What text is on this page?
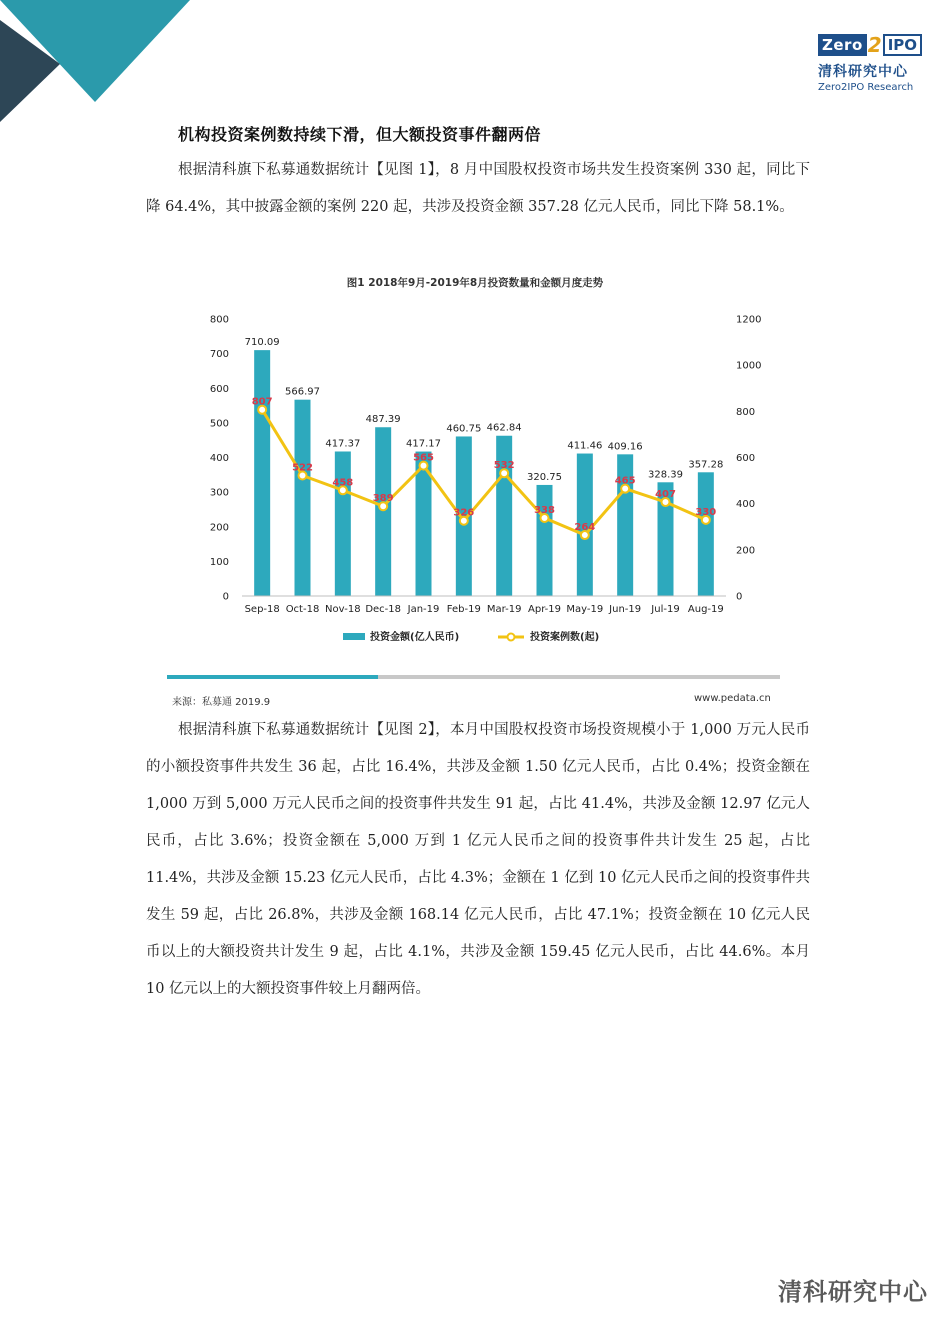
Zero 2 IPO
清科研究中心
Zero2IPO Research
机构投资案例数持续下滑，但大额投资事件翻两倍

根据清科旗下私募通数据统计【见图 1】，8 月中国股权投资市场共发生投资案例 330 起，同比下降 64.4%，其中披露金额的案例 220 起，共涉及投资金额 357.28 亿元人民币，同比下降 58.1%。

图1 2018年9月-2019年8月投资数量和金额月度走势
0
100
200
300
400
500
600
700
800
0
200
400
600
800
1000
1200
710.09
Sep-18
566.97
Oct-18
417.37
Nov-18
487.39
Dec-18
417.17
Jan-19
460.75
Feb-19
462.84
Mar-19
320.75
Apr-19
411.46
May-19
409.16
Jun-19
328.39
Jul-19
357.28
Aug-19
807
522
458
389
565
326
532
338
264
465
407
330
投资金额(亿人民币)	投资案例数(起)
来源：私募通 2019.9	www.pedata.cn

根据清科旗下私募通数据统计【见图 2】，本月中国股权投资市场投资规模小于 1,000 万元人民币的小额投资事件共发生 36 起，占比 16.4%，共涉及金额 1.50 亿元人民币，占比 0.4%；投资金额在 1,000 万到 5,000 万元人民币之间的投资事件共发生 91 起，占比 41.4%，共涉及金额 12.97 亿元人民币，占比 3.6%；投资金额在 5,000 万到 1 亿元人民币之间的投资事件共计发生 25 起，占比 11.4%，共涉及金额 15.23 亿元人民币，占比 4.3%；金额在 1 亿到 10 亿元人民币之间的投资事件共发生 59 起，占比 26.8%，共涉及金额 168.14 亿元人民币，占比 47.1%；投资金额在 10 亿元人民币以上的大额投资共计发生 9 起，占比 4.1%，共涉及金额 159.45 亿元人民币，占比 44.6%。本月 10 亿元以上的大额投资事件较上月翻两倍。

清科研究中心
